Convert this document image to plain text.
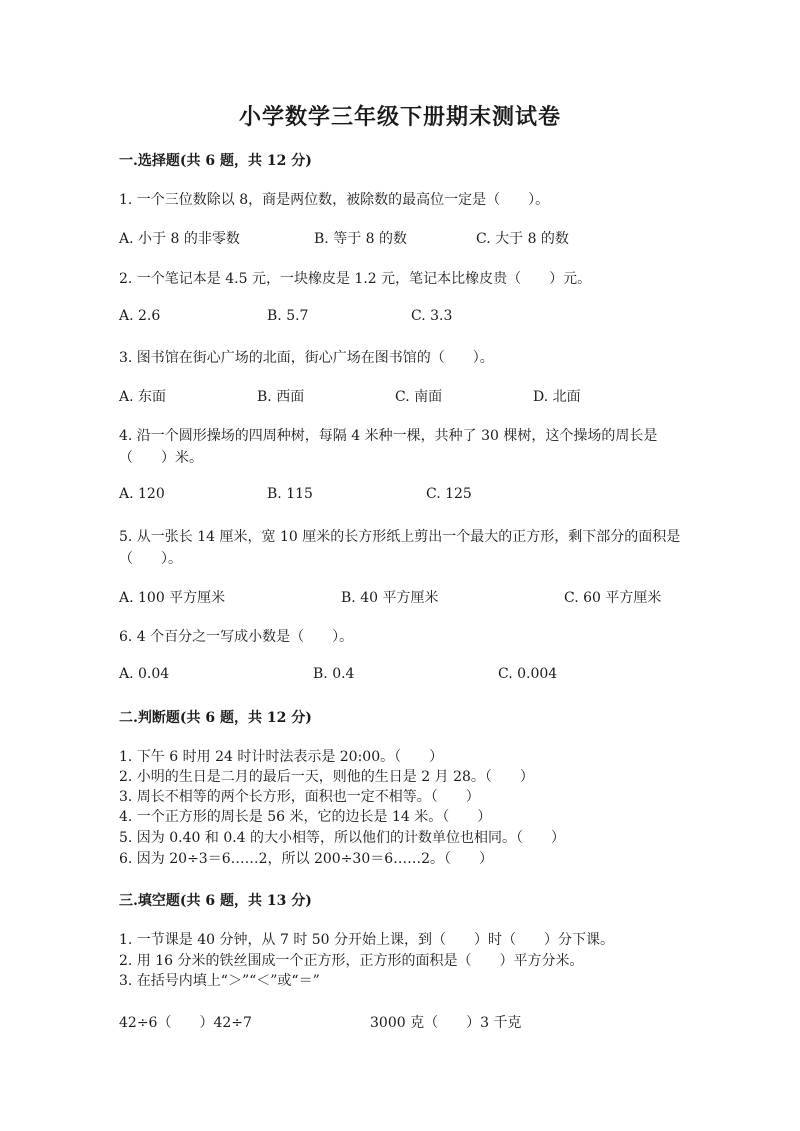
小学数学三年级下册期末测试卷
一.选择题(共 6 题，共 12 分)
1. 一个三位数除以 8，商是两位数，被除数的最高位一定是（　　）。
A. 小于 8 的非零数	B. 等于 8 的数	C. 大于 8 的数
2. 一个笔记本是 4.5 元，一块橡皮是 1.2 元，笔记本比橡皮贵（　　）元。
A. 2.6	B. 5.7	C. 3.3
3. 图书馆在街心广场的北面，街心广场在图书馆的（　　）。
A. 东面	B. 西面	C. 南面	D. 北面
4. 沿一个圆形操场的四周种树，每隔 4 米种一棵，共种了 30 棵树，这个操场的周长是（　　）米。
A. 120	B. 115	C. 125
5. 从一张长 14 厘米，宽 10 厘米的长方形纸上剪出一个最大的正方形，剩下部分的面积是（　　）。
A. 100 平方厘米	B. 40 平方厘米	C. 60 平方厘米
6. 4 个百分之一写成小数是（　　）。
A. 0.04	B. 0.4	C. 0.004
二.判断题(共 6 题，共 12 分)
1. 下午 6 时用 24 时计时法表示是 20:00。（　　）
2. 小明的生日是二月的最后一天，则他的生日是 2 月 28。（　　）
3. 周长不相等的两个长方形，面积也一定不相等。（　　）
4. 一个正方形的周长是 56 米，它的边长是 14 米。（　　）
5. 因为 0.40 和 0.4 的大小相等，所以他们的计数单位也相同。（　　）
6. 因为 20÷3＝6……2，所以 200÷30＝6……2。（　　）
三.填空题(共 6 题，共 13 分)
1. 一节课是 40 分钟，从 7 时 50 分开始上课，到（　　）时（　　）分下课。
2. 用 16 分米的铁丝围成一个正方形，正方形的面积是（　　）平方分米。
3. 在括号内填上“＞”“＜”或“＝”
42÷6（　　）42÷7	3000 克（　　）3 千克
